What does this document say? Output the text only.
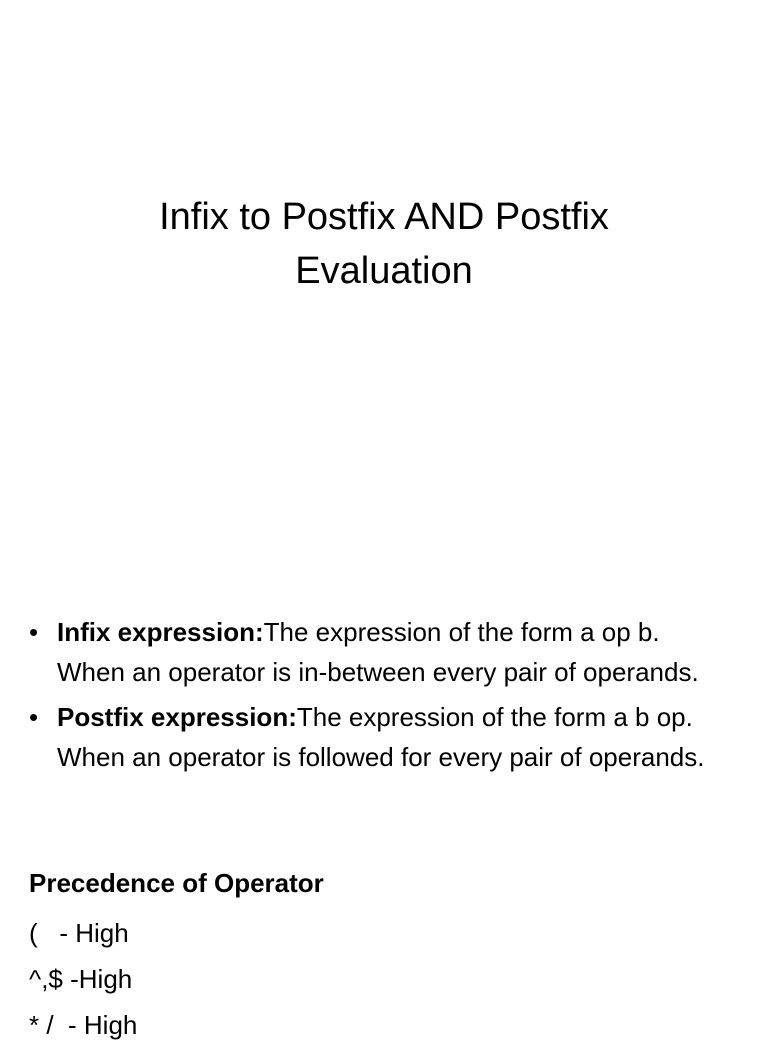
Infix to Postfix AND Postfix
Evaluation
• Infix expression:The expression of the form a op b. When an operator is in-between every pair of operands.
• Postfix expression:The expression of the form a b op. When an operator is followed for every pair of operands.

Precedence of Operator

(   - High
^,$ -High
* /  - High
